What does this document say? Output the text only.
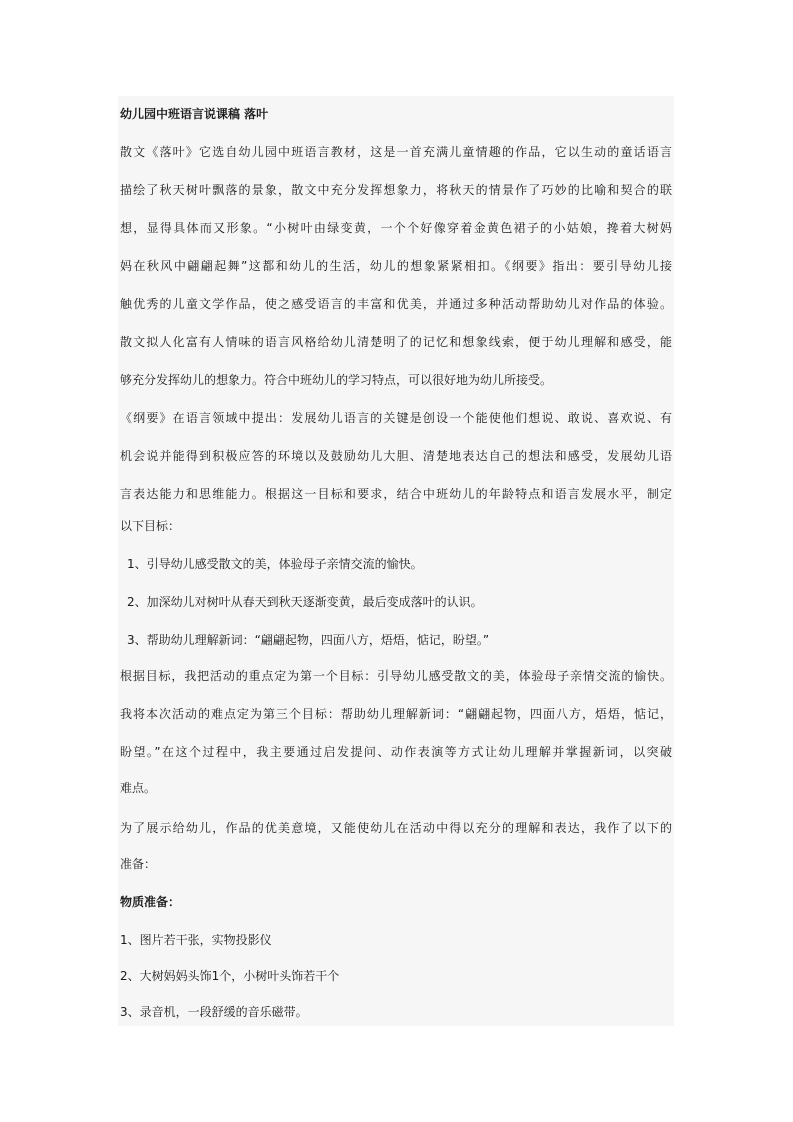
幼儿园中班语言说课稿 落叶
散文《落叶》它选自幼儿园中班语言教材，这是一首充满儿童情趣的作品，它以生动的童话语言
描绘了秋天树叶飘落的景象，散文中充分发挥想象力，将秋天的情景作了巧妙的比喻和契合的联
想，显得具体而又形象。“小树叶由绿变黄，一个个好像穿着金黄色裙子的小姑娘，搀着大树妈
妈在秋风中翩翩起舞”这都和幼儿的生活，幼儿的想象紧紧相扣。《纲要》指出：要引导幼儿接
触优秀的儿童文学作品，使之感受语言的丰富和优美，并通过多种活动帮助幼儿对作品的体验。
散文拟人化富有人情味的语言风格给幼儿清楚明了的记忆和想象线索，便于幼儿理解和感受，能
够充分发挥幼儿的想象力。符合中班幼儿的学习特点，可以很好地为幼儿所接受。
《纲要》在语言领域中提出：发展幼儿语言的关键是创设一个能使他们想说、敢说、喜欢说、有
机会说并能得到积极应答的环境以及鼓励幼儿大胆、清楚地表达自己的想法和感受，发展幼儿语
言表达能力和思维能力。根据这一目标和要求，结合中班幼儿的年龄特点和语言发展水平，制定
以下目标：
1、引导幼儿感受散文的美，体验母子亲情交流的愉快。
2、加深幼儿对树叶从春天到秋天逐渐变黄，最后变成落叶的认识。
3、帮助幼儿理解新词：“翩翩起物，四面八方，焐焐，惦记，盼望。”
根据目标，我把活动的重点定为第一个目标：引导幼儿感受散文的美，体验母子亲情交流的愉快。
我将本次活动的难点定为第三个目标：帮助幼儿理解新词：“翩翩起物，四面八方，焐焐，惦记，
盼望。”在这个过程中，我主要通过启发提问、动作表演等方式让幼儿理解并掌握新词，以突破
难点。
为了展示给幼儿，作品的优美意境，又能使幼儿在活动中得以充分的理解和表达，我作了以下的
准备：
物质准备：
1、图片若干张，实物投影仪
2、大树妈妈头饰1个，小树叶头饰若干个
3、录音机，一段舒缓的音乐磁带。
